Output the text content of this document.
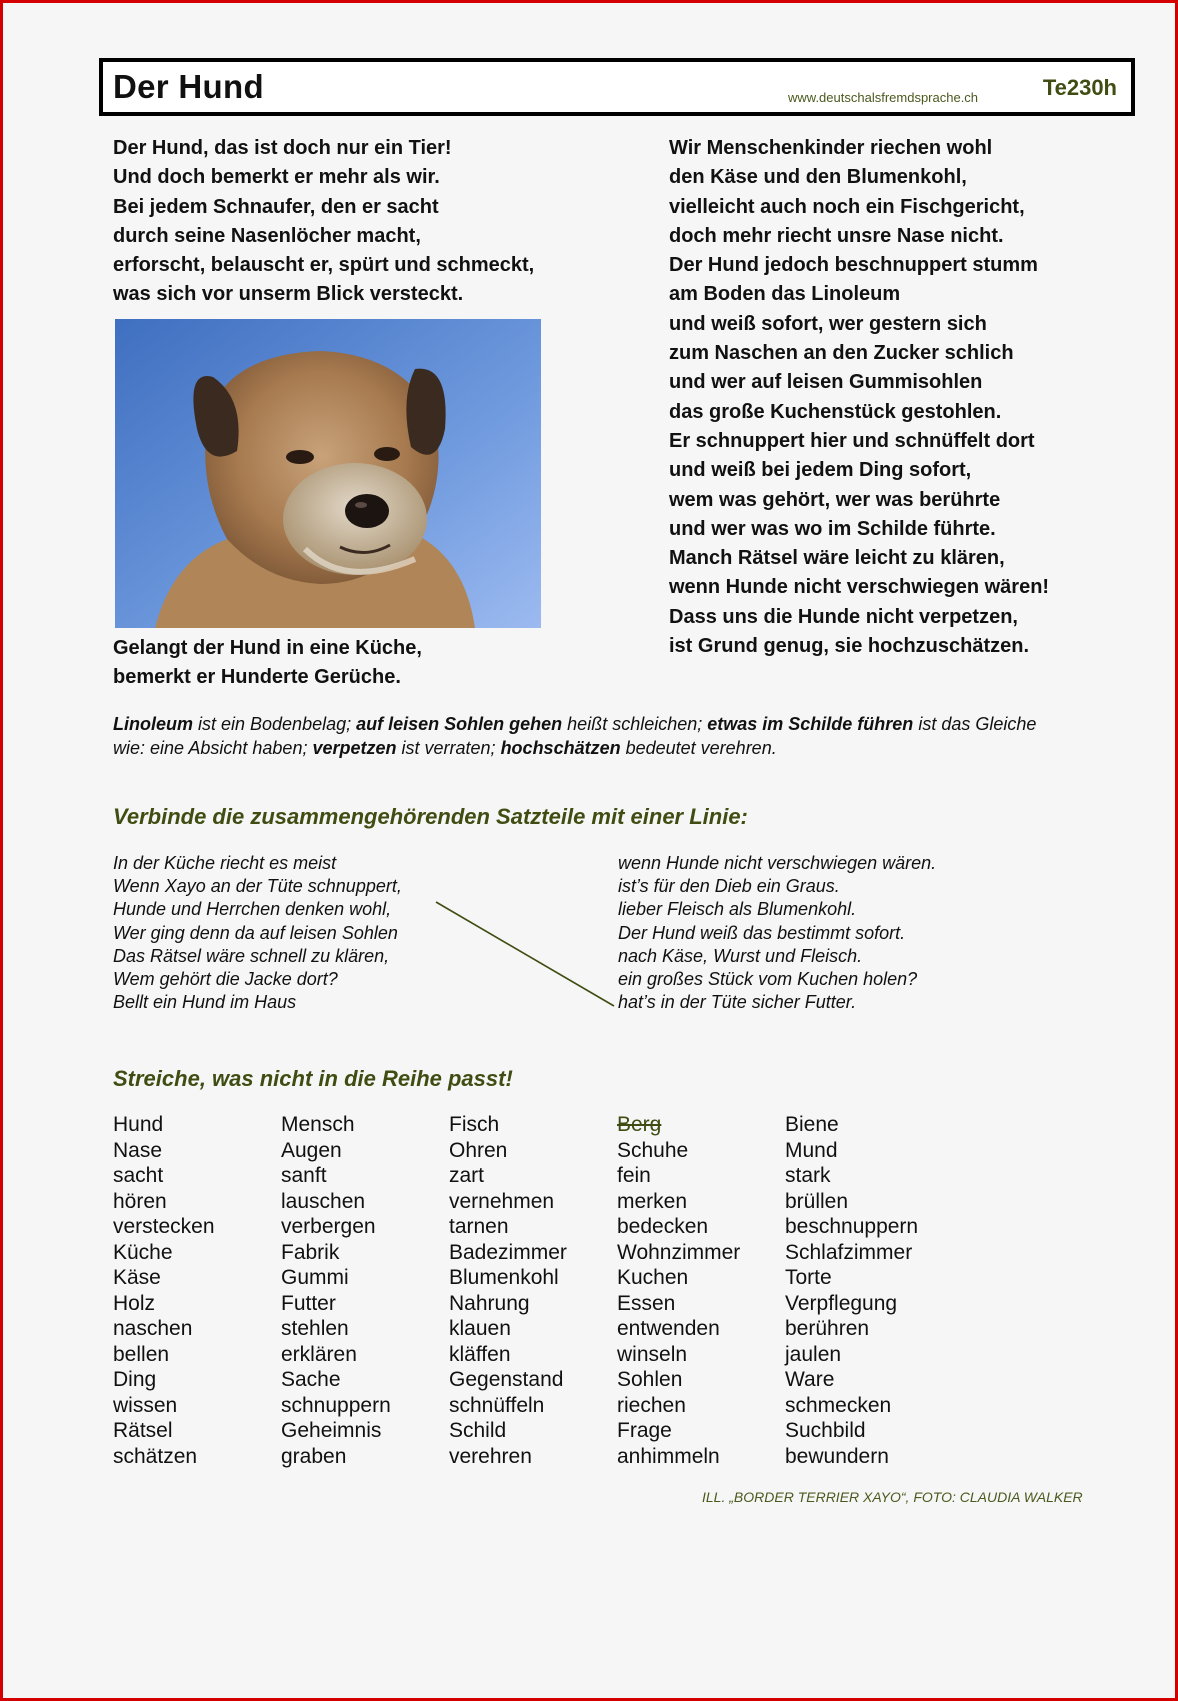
Der Hund	www.deutschalsfremdsprache.ch	Te230h
Der Hund, das ist doch nur ein Tier!
Und doch bemerkt er mehr als wir.
Bei jedem Schnaufer, den er sacht
durch seine Nasenlöcher macht,
erforscht, belauscht er, spürt und schmeckt,
was sich vor unserm Blick versteckt.
Gelangt der Hund in eine Küche,
bemerkt er Hunderte Gerüche.
Wir Menschenkinder riechen wohl
den Käse und den Blumenkohl,
vielleicht auch noch ein Fischgericht,
doch mehr riecht unsre Nase nicht.
Der Hund jedoch beschnuppert stumm
am Boden das Linoleum
und weiß sofort, wer gestern sich
zum Naschen an den Zucker schlich
und wer auf leisen Gummisohlen
das große Kuchenstück gestohlen.
Er schnuppert hier und schnüffelt dort
und weiß bei jedem Ding sofort,
wem was gehört, wer was berührte
und wer was wo im Schilde führte.
Manch Rätsel wäre leicht zu klären,
wenn Hunde nicht verschwiegen wären!
Dass uns die Hunde nicht verpetzen,
ist Grund genug, sie hochzuschätzen.
Linoleum ist ein Bodenbelag; auf leisen Sohlen gehen heißt schleichen; etwas im Schilde führen ist das Gleiche wie: eine Absicht haben; verpetzen ist verraten; hochschätzen bedeutet verehren.
Verbinde die zusammengehörenden Satzteile mit einer Linie:
In der Küche riecht es meist
Wenn Xayo an der Tüte schnuppert,
Hunde und Herrchen denken wohl,
Wer ging denn da auf leisen Sohlen
Das Rätsel wäre schnell zu klären,
Wem gehört die Jacke dort?
Bellt ein Hund im Haus
wenn Hunde nicht verschwiegen wären.
ist’s für den Dieb ein Graus.
lieber Fleisch als Blumenkohl.
Der Hund weiß das bestimmt sofort.
nach Käse, Wurst und Fleisch.
ein großes Stück vom Kuchen holen?
hat’s in der Tüte sicher Futter.
Streiche, was nicht in die Reihe passt!
Hund
Nase
sacht
hören
verstecken
Küche
Käse
Holz
naschen
bellen
Ding
wissen
Rätsel
schätzen
Mensch
Augen
sanft
lauschen
verbergen
Fabrik
Gummi
Futter
stehlen
erklären
Sache
schnuppern
Geheimnis
graben
Fisch
Ohren
zart
vernehmen
tarnen
Badezimmer
Blumenkohl
Nahrung
klauen
kläffen
Gegenstand
schnüffeln
Schild
verehren
Berg
Schuhe
fein
merken
bedecken
Wohnzimmer
Kuchen
Essen
entwenden
winseln
Sohlen
riechen
Frage
anhimmeln
Biene
Mund
stark
brüllen
beschnuppern
Schlafzimmer
Torte
Verpflegung
berühren
jaulen
Ware
schmecken
Suchbild
bewundern
ILL. „BORDER TERRIER XAYO“, FOTO: CLAUDIA WALKER
